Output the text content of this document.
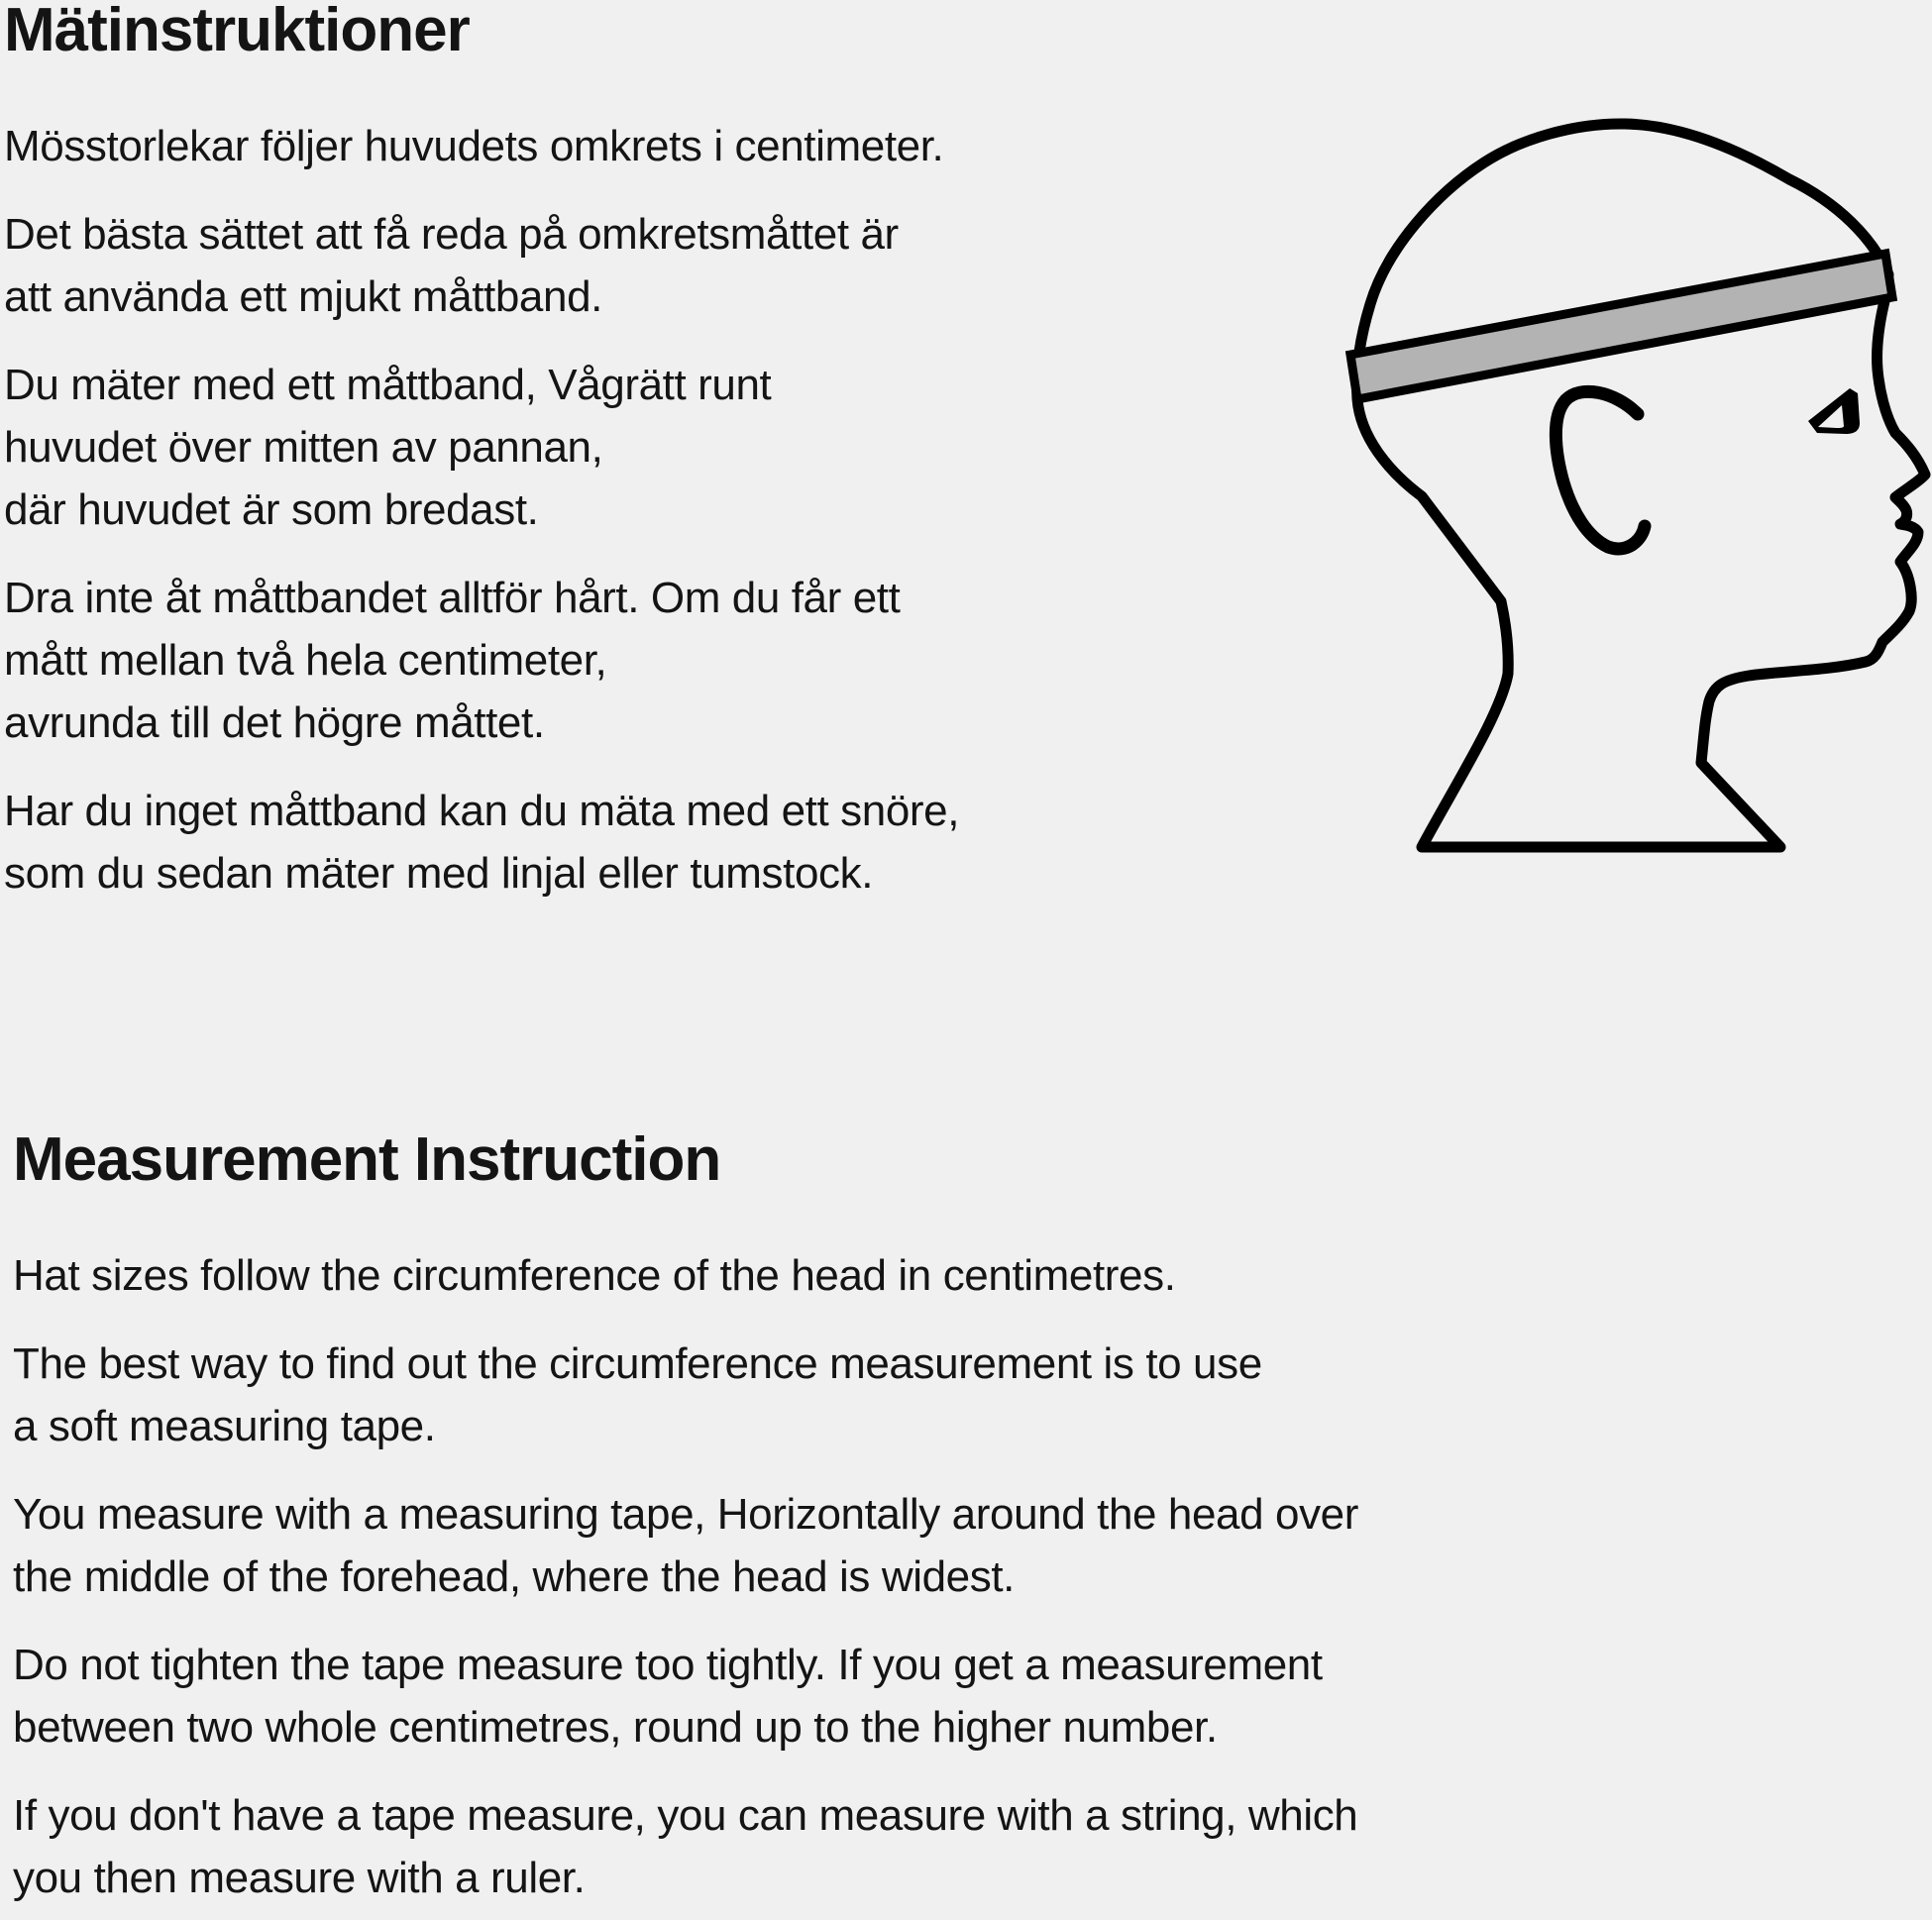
Mätinstruktioner
Mösstorlekar följer huvudets omkrets i centimeter.
Det bästa sättet att få reda på omkretsmåttet är
att använda ett mjukt måttband.
Du mäter med ett måttband, Vågrätt runt
huvudet över mitten av pannan,
där huvudet är som bredast.
Dra inte åt måttbandet alltför hårt. Om du får ett
mått mellan två hela centimeter,
avrunda till det högre måttet.
Har du inget måttband kan du mäta med ett snöre,
som du sedan mäter med linjal eller tumstock.
Measurement Instruction
Hat sizes follow the circumference of the head in centimetres.
The best way to find out the circumference measurement is to use
a soft measuring tape.
You measure with a measuring tape, Horizontally around the head over
the middle of the forehead, where the head is widest.
Do not tighten the tape measure too tightly. If you get a measurement
between two whole centimetres, round up to the higher number.
If you don't have a tape measure, you can measure with a string, which
you then measure with a ruler.
